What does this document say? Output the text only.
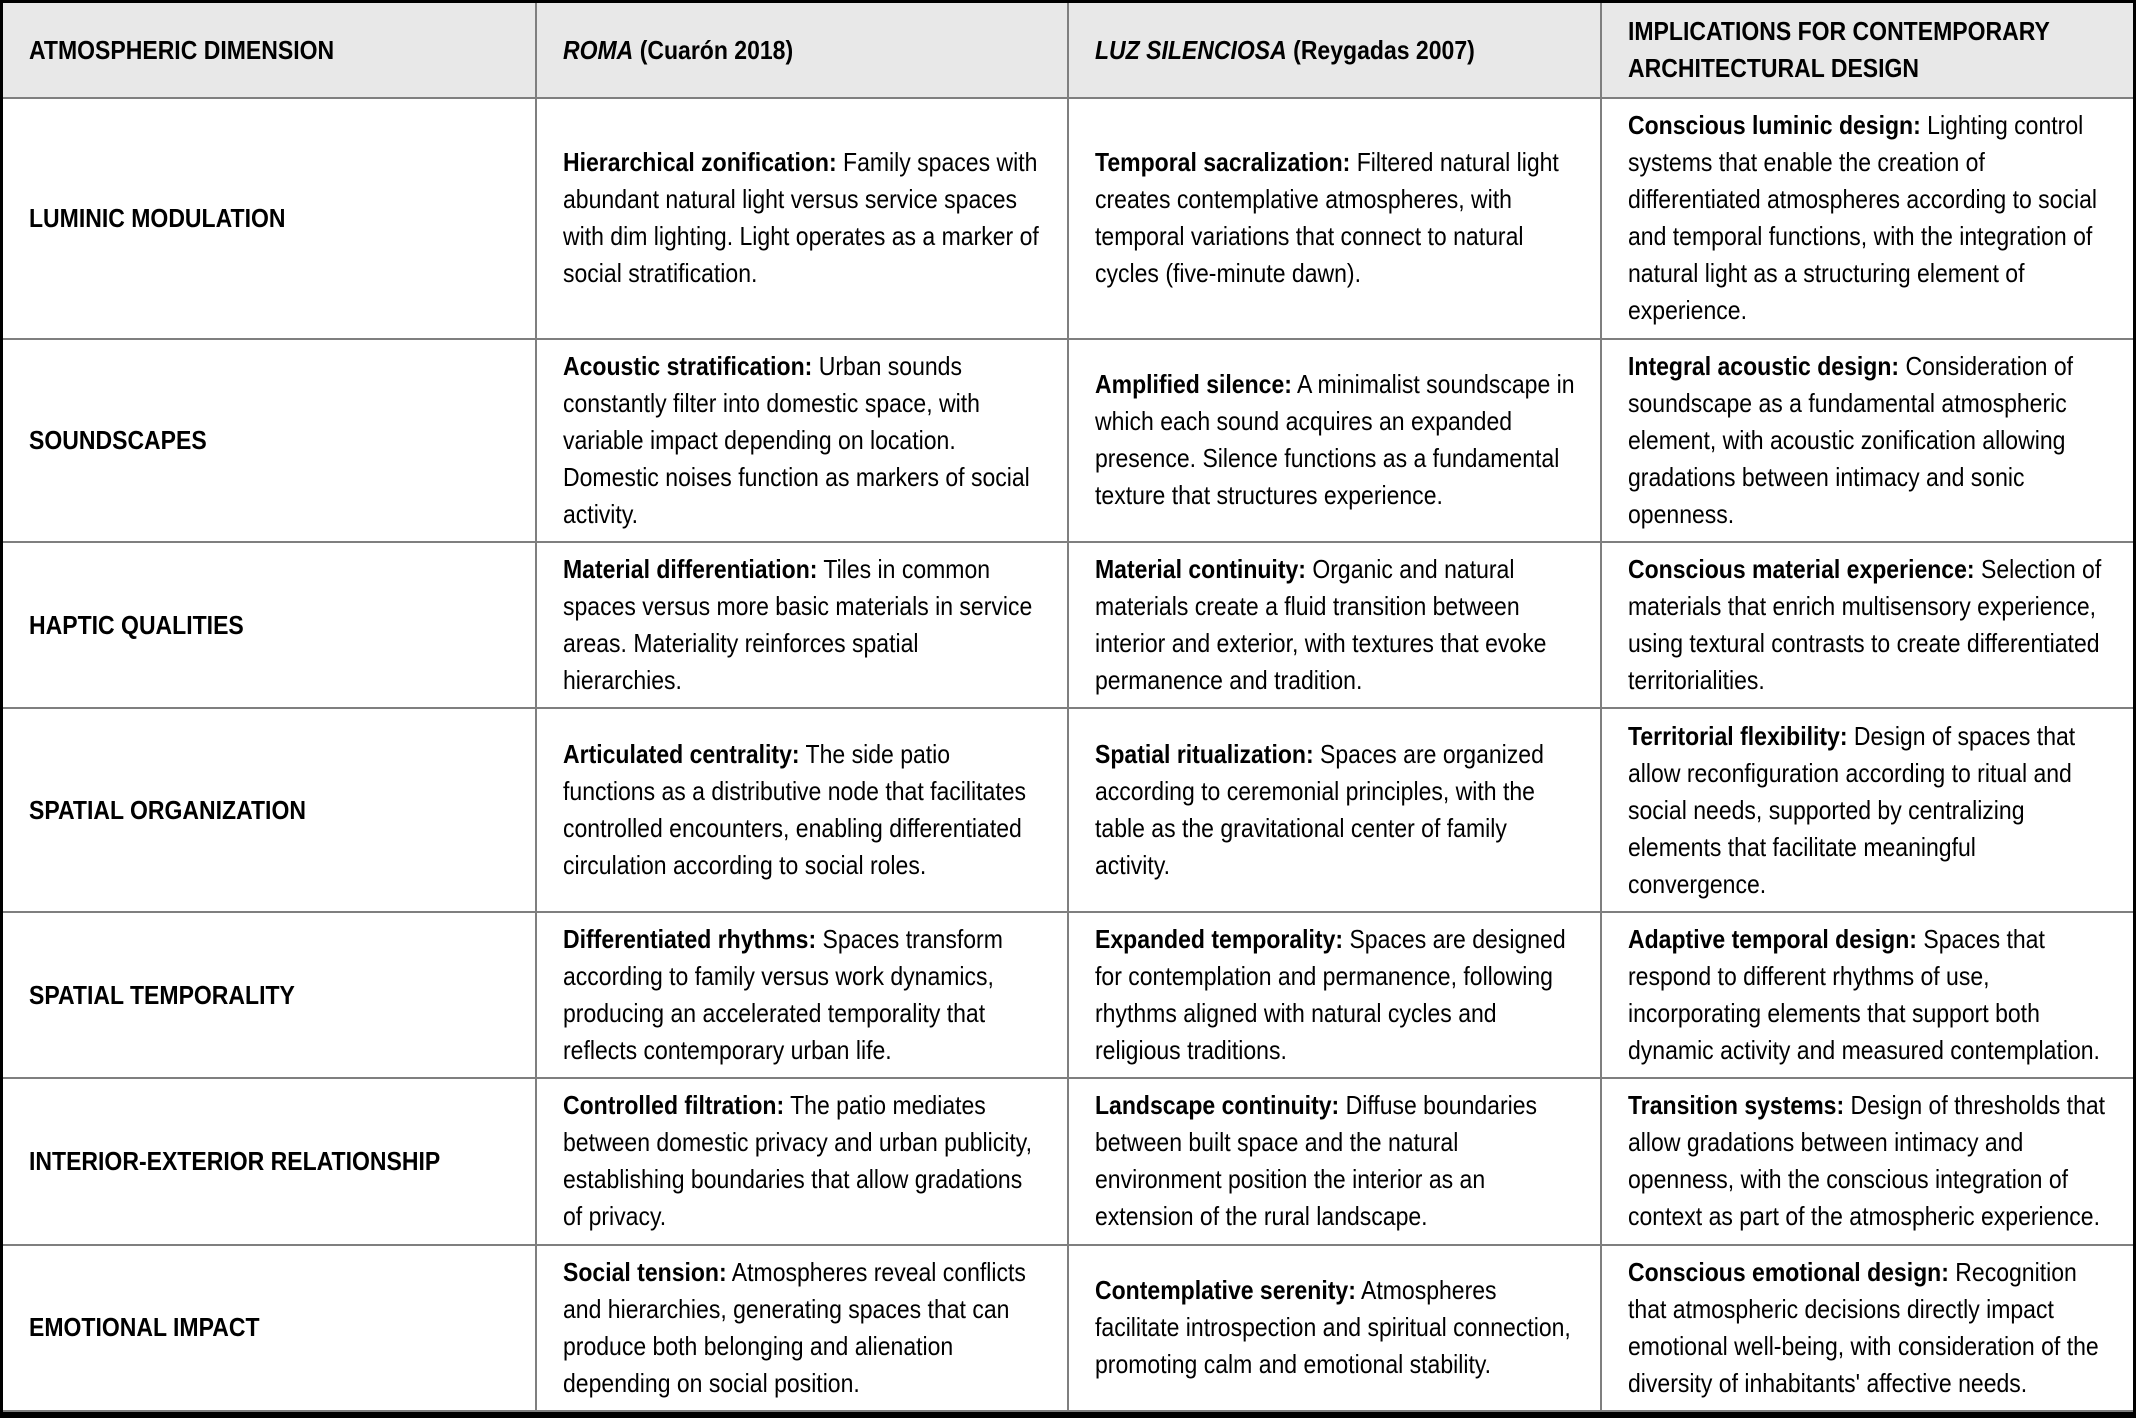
ATMOSPHERIC DIMENSION	ROMA (Cuarón 2018)	LUZ SILENCIOSA (Reygadas 2007)	IMPLICATIONS FOR CONTEMPORARY ARCHITECTURAL DESIGN

LUMINIC MODULATION	Hierarchical zonification: Family spaces with abundant natural light versus service spaces with dim lighting. Light operates as a marker of social stratification.	Temporal sacralization: Filtered natural light creates contemplative atmospheres, with temporal variations that connect to natural cycles (five-minute dawn).	Conscious luminic design: Lighting control systems that enable the creation of differentiated atmospheres according to social and temporal functions, with the integration of natural light as a structuring element of experience.

SOUNDSCAPES	Acoustic stratification: Urban sounds constantly filter into domestic space, with variable impact depending on location. Domestic noises function as markers of social activity.	Amplified silence: A minimalist soundscape in which each sound acquires an expanded presence. Silence functions as a fundamental texture that structures experience.	Integral acoustic design: Consideration of soundscape as a fundamental atmospheric element, with acoustic zonification allowing gradations between intimacy and sonic openness.

HAPTIC QUALITIES	Material differentiation: Tiles in common spaces versus more basic materials in service areas. Materiality reinforces spatial hierarchies.	Material continuity: Organic and natural materials create a fluid transition between interior and exterior, with textures that evoke permanence and tradition.	Conscious material experience: Selection of materials that enrich multisensory experience, using textural contrasts to create differentiated territorialities.

SPATIAL ORGANIZATION	Articulated centrality: The side patio functions as a distributive node that facilitates controlled encounters, enabling differentiated circulation according to social roles.	Spatial ritualization: Spaces are organized according to ceremonial principles, with the table as the gravitational center of family activity.	Territorial flexibility: Design of spaces that allow reconfiguration according to ritual and social needs, supported by centralizing elements that facilitate meaningful convergence.

SPATIAL TEMPORALITY	Differentiated rhythms: Spaces transform according to family versus work dynamics, producing an accelerated temporality that reflects contemporary urban life.	Expanded temporality: Spaces are designed for contemplation and permanence, following rhythms aligned with natural cycles and religious traditions.	Adaptive temporal design: Spaces that respond to different rhythms of use, incorporating elements that support both dynamic activity and measured contemplation.

INTERIOR-EXTERIOR RELATIONSHIP	Controlled filtration: The patio mediates between domestic privacy and urban publicity, establishing boundaries that allow gradations of privacy.	Landscape continuity: Diffuse boundaries between built space and the natural environment position the interior as an extension of the rural landscape.	Transition systems: Design of thresholds that allow gradations between intimacy and openness, with the conscious integration of context as part of the atmospheric experience.

EMOTIONAL IMPACT	Social tension: Atmospheres reveal conflicts and hierarchies, generating spaces that can produce both belonging and alienation depending on social position.	Contemplative serenity: Atmospheres facilitate introspection and spiritual connection, promoting calm and emotional stability.	Conscious emotional design: Recognition that atmospheric decisions directly impact emotional well-being, with consideration of the diversity of inhabitants' affective needs.
